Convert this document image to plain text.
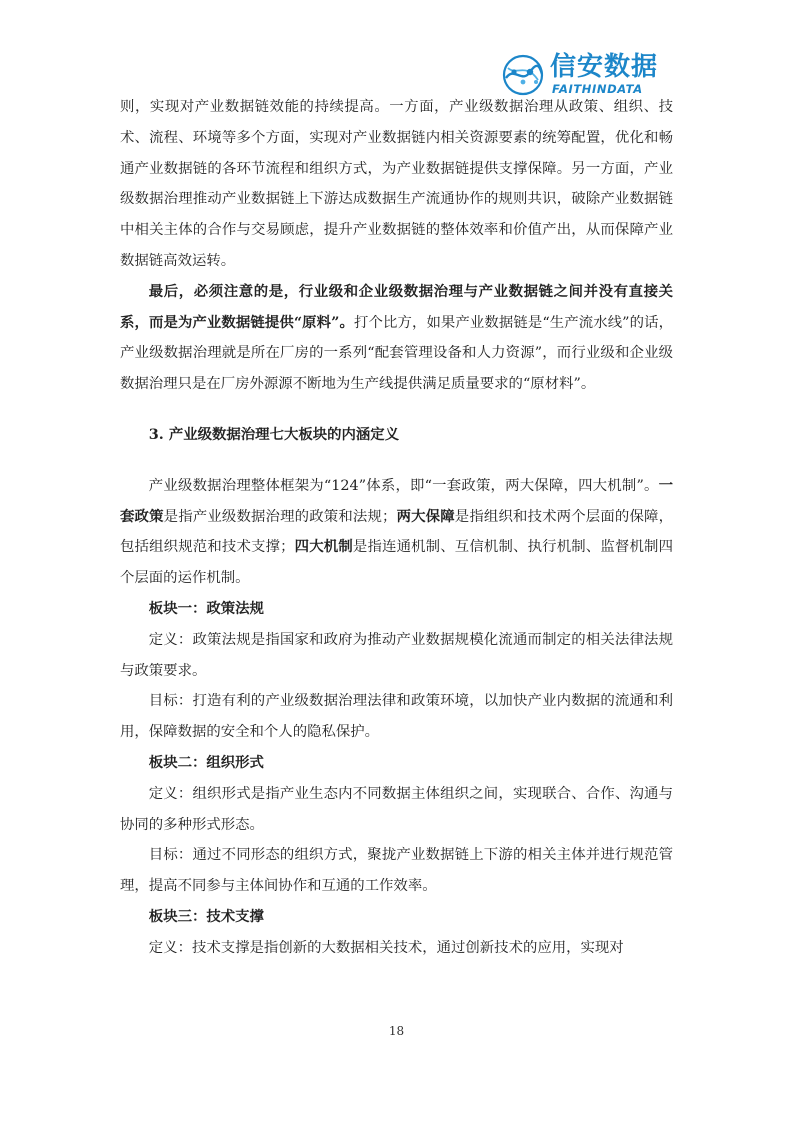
信安数据
FAITHINDATA

则，实现对产业数据链效能的持续提高。一方面，产业级数据治理从政策、组织、技术、流程、环境等多个方面，实现对产业数据链内相关资源要素的统筹配置，优化和畅通产业数据链的各环节流程和组织方式，为产业数据链提供支撑保障。另一方面，产业级数据治理推动产业数据链上下游达成数据生产流通协作的规则共识，破除产业数据链中相关主体的合作与交易顾虑，提升产业数据链的整体效率和价值产出，从而保障产业数据链高效运转。

最后，必须注意的是，行业级和企业级数据治理与产业数据链之间并没有直接关系，而是为产业数据链提供“原料”。打个比方，如果产业数据链是“生产流水线”的话，产业级数据治理就是所在厂房的一系列“配套管理设备和人力资源”，而行业级和企业级数据治理只是在厂房外源源不断地为生产线提供满足质量要求的“原材料”。

3. 产业级数据治理七大板块的内涵定义

产业级数据治理整体框架为“124”体系，即“一套政策，两大保障，四大机制”。一套政策是指产业级数据治理的政策和法规；两大保障是指组织和技术两个层面的保障，包括组织规范和技术支撑；四大机制是指连通机制、互信机制、执行机制、监督机制四个层面的运作机制。

板块一：政策法规

定义：政策法规是指国家和政府为推动产业数据规模化流通而制定的相关法律法规与政策要求。

目标：打造有利的产业级数据治理法律和政策环境，以加快产业内数据的流通和利用，保障数据的安全和个人的隐私保护。

板块二：组织形式

定义：组织形式是指产业生态内不同数据主体组织之间，实现联合、合作、沟通与协同的多种形式形态。

目标：通过不同形态的组织方式，聚拢产业数据链上下游的相关主体并进行规范管理，提高不同参与主体间协作和互通的工作效率。

板块三：技术支撑

定义：技术支撑是指创新的大数据相关技术，通过创新技术的应用，实现对

18
